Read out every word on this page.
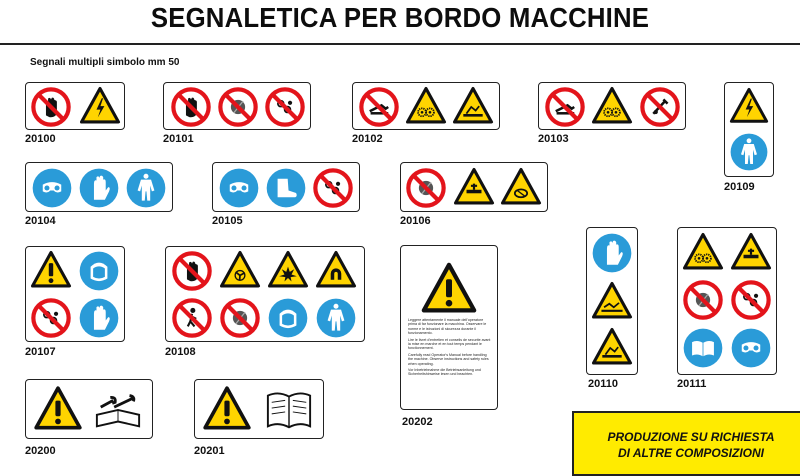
SEGNALETICA PER BORDO MACCHINE
Segnali multipli simbolo mm 50
20100	20101	20102	20103
20109
20104	20105	20106
20107	20108

Leggere attentamente il manuale dell'operatore prima di far funzionare la macchina. Osservare le norme e le istruzioni di sicurezza durante il funzionamento.

Lire le livret d'entretien et conseils de securite avant la mise en marche et en tout temps pendant le fonctionnement.

Carefully read Operator's Manual before handling the machine. Observe instructions and safety rules when operating.

Vor Inbetriebnahme die Betriebsanleitung und Sicherheitshinweise lesen und beachten.

20202
20110	20111
20200	20201
PRODUZIONE SU RICHIESTA
DI ALTRE COMPOSIZIONI
